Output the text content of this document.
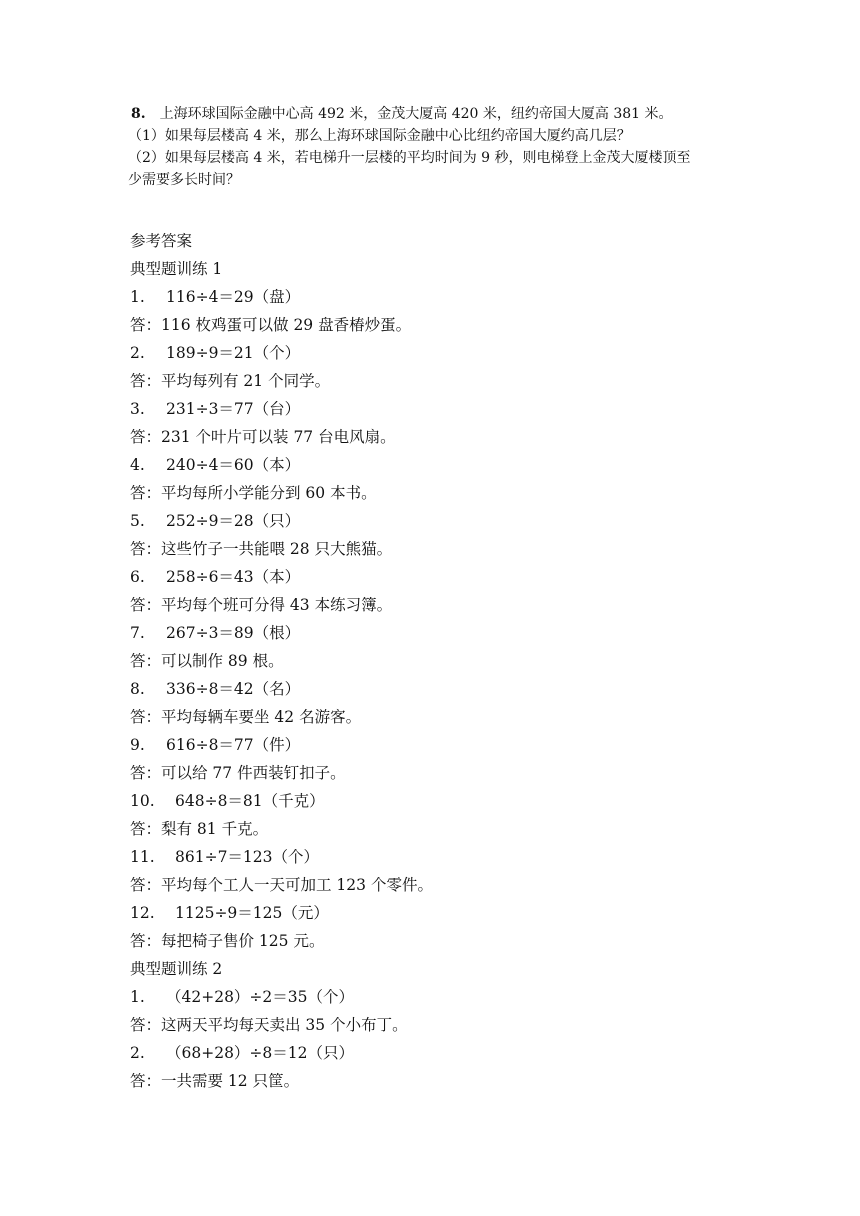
8. 上海环球国际金融中心高 492 米，金茂大厦高 420 米，纽约帝国大厦高 381 米。
（1）如果每层楼高 4 米，那么上海环球国际金融中心比纽约帝国大厦约高几层？
（2）如果每层楼高 4 米，若电梯升一层楼的平均时间为 9 秒，则电梯登上金茂大厦楼顶至
少需要多长时间？
参考答案
典型题训练 1
1. 116÷4＝29（盘）
答：116 枚鸡蛋可以做 29 盘香椿炒蛋。
2. 189÷9＝21（个）
答：平均每列有 21 个同学。
3. 231÷3＝77（台）
答：231 个叶片可以装 77 台电风扇。
4. 240÷4＝60（本）
答：平均每所小学能分到 60 本书。
5. 252÷9＝28（只）
答：这些竹子一共能喂 28 只大熊猫。
6. 258÷6＝43（本）
答：平均每个班可分得 43 本练习簿。
7. 267÷3＝89（根）
答：可以制作 89 根。
8. 336÷8＝42（名）
答：平均每辆车要坐 42 名游客。
9. 616÷8＝77（件）
答：可以给 77 件西装钉扣子。
10. 648÷8＝81（千克）
答：梨有 81 千克。
11. 861÷7＝123（个）
答：平均每个工人一天可加工 123 个零件。
12. 1125÷9＝125（元）
答：每把椅子售价 125 元。
典型题训练 2
1. （42+28）÷2＝35（个）
答：这两天平均每天卖出 35 个小布丁。
2. （68+28）÷8＝12（只）
答：一共需要 12 只筐。
